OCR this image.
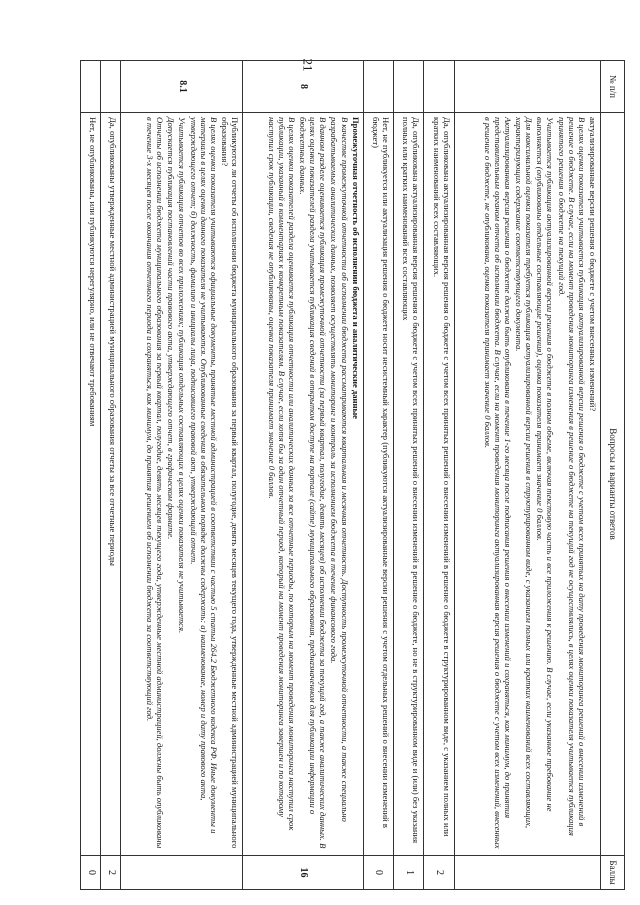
21
№ п/п	Вопросы и варианты ответов	Баллы

	актуализированные версии решения о бюджете с учетом внесенных изменений?

В целях оценки показателя учитывается публикация актуализированной версии решения о бюджете с учетом всех принятых на дату проведения мониторинга решений о внесении изменений в решение о бюджете. В случае, если на момент проведения мониторинга изменения в решение о бюджете на текущий год не осуществлялись, в целях оценки показателя учитывается публикация принятого решения о бюджете на текущий год.

Учитывается публикация актуализированной версии решения о бюджете в полном объеме, включая текстовую часть и все приложения к решению. В случае, если указанное требование не выполняется (опубликованы отдельные составляющие решения), оценка показателя принимает значение 0 баллов.

Для максимальной оценки показателя требуется публикация актуализированной версии решения в структурированном виде, с указанием полных или кратких наименований всех составляющих, характеризующих содержание соответствующего документа.

Актуализированная версия решения о бюджете должна быть опубликована в течение 1-го месяца после подписания решения о внесении изменений и сохраняться, как минимум, до принятия представительным органом отчета об исполнении бюджета. В случае, если на момент проведения мониторинга актуализированная версия решения о бюджете с учетом всех изменений, внесенных в решение о бюджете, не опубликована, оценка показателя принимает значение 0 баллов.	

	Да, опубликована актуализированная версия решения о бюджете с учетом всех принятых решений о внесении изменений в решение о бюджете в структурированном виде, с указанием полных или кратких наименований всех составляющих.	2
	Да, опубликована актуализированная версия решения о бюджете с учетом всех принятых решений о внесении изменений в решение о бюджете, но не в структурированном виде и (или) без указания полных или кратких наименований всех составляющих	1
	Нет, не публикуется или актуализация решения о бюджете носит несистемный характер (публикуются актуализированные версии решения с учетом отдельных решений о внесении изменений в бюджет)	0
8	Промежуточная отчетность об исполнении бюджета и аналитические данные

В качестве промежуточной отчетности об исполнении бюджета рассматриваются квартальная и месячная отчетность. Доступность промежуточной отчетности, а также специально разрабатываемых аналитических данных, позволяет осуществлять мониторинг и контроль за исполнением бюджета в течение финансового года.

В данном разделе оценивается публикация промежуточной отчетности (за первый квартал, полугодие, девять месяцев) об исполнении бюджета за текущий год, а также аналитических данных. В целях оценки показателей раздела учитывается публикация сведений в открытом доступе на портале (сайте) муниципального образования, предназначенном для публикации информации о бюджетных данных.

В целях оценки показателей раздела оценивается публикация отчетности или аналитических данных за все отчетные периоды, по которым на момент проведения мониторинга наступил срок публикации, указанный в комментариях к конкретным показателям. В случае, если хотя бы за один отчетный период, который на момент проведения мониторинга завершен и по которому наступил срок публикации, сведения не опубликованы, оценка показателя принимает значение 0 баллов.	16
8.1	Публикуются ли отчеты об исполнении бюджета муниципального образования за первый квартал, полугодие, девять месяцев текущего года, утвержденные местной администрацией муниципального образования?

В целях оценки показателя учитываются официальные документы, принятые местной администрацией в соответствии с частью 5 статьи 264.2 Бюджетного кодекса РФ. Иные документы и материалы в целях оценки данного показателя не учитываются. Опубликованные сведения в обязательном порядке должны содержать: а) наименование, номер и дату правового акта, утверждающего отчет; б) должность, фамилию и инициалы лица, подписавшего правовой акт, утверждающий отчет.

Учитывается публикация отчетов во всех приложениях; публикация отдельных составляющих в целях оценки показателя не учитывается.

Допускается публикация постановлений части правового акта, утверждающего отчет, в графическом формате.

Отчеты об исполнении бюджета муниципального образования за первый квартал, полугодие, девять месяцев текущего года, утвержденные местной администрацией, должны быть опубликованы в течение 3-х месяцев после окончания отчетного периода и сохраняться, как минимум, до принятия решением об исполнении бюджета за соответствующий год.	

	Да, опубликованы утвержденные местной администрацией муниципального образования отчеты за все отчетные периоды	2
	Нет, не опубликованы, или публикуются нерегулярно, или не отвечают требованиям	0
